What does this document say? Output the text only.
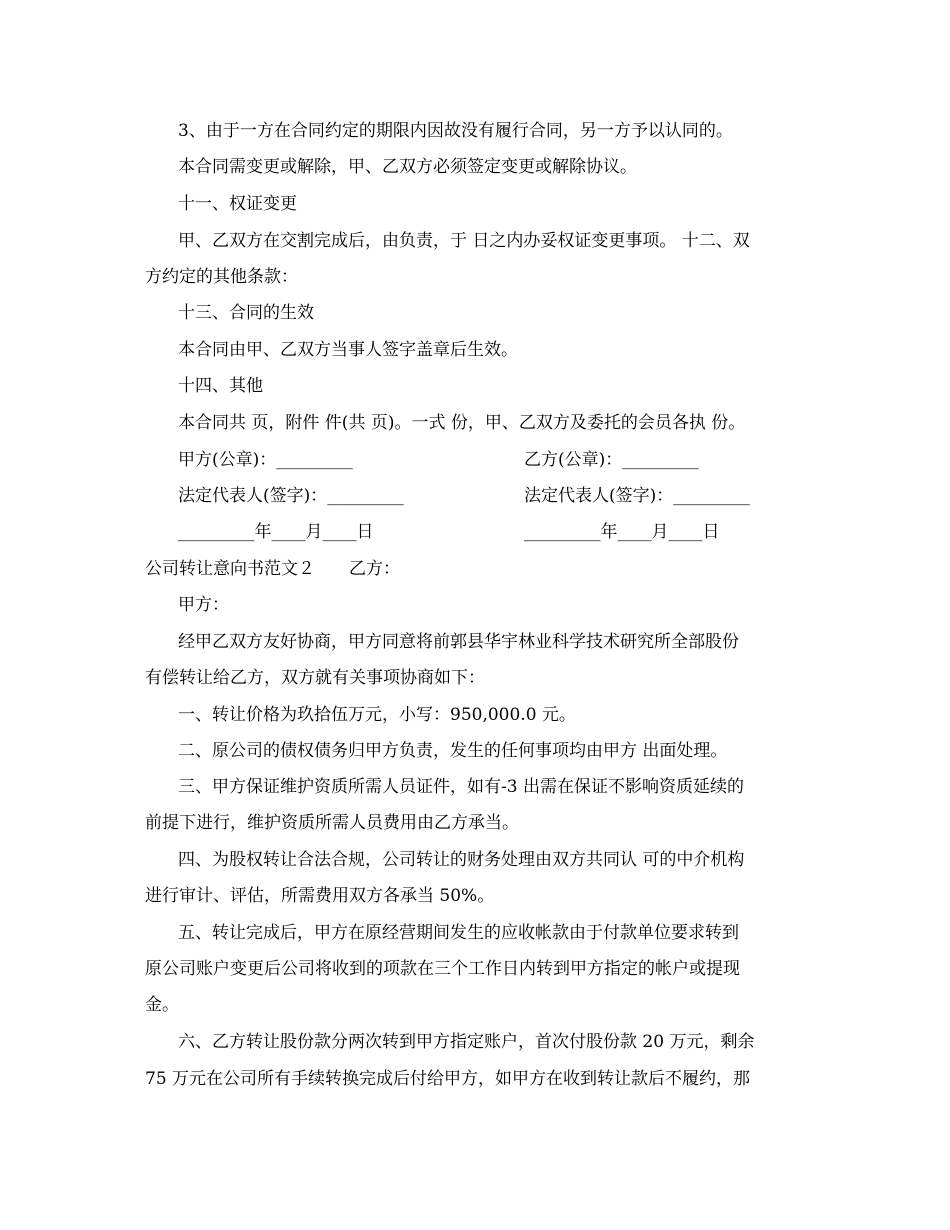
3、由于一方在合同约定的期限内因故没有履行合同，另一方予以认同的。
本合同需变更或解除，甲、乙双方必须签定变更或解除协议。
十一、权证变更
甲、乙双方在交割完成后，由负责，于 日之内办妥权证变更事项。 十二、双
方约定的其他条款：
十三、合同的生效
本合同由甲、乙双方当事人签字盖章后生效。
十四、其他
本合同共 页，附件 件(共 页)。一式 份，甲、乙双方及委托的会员各执 份。
甲方(公章)：_________	乙方(公章)：_________
法定代表人(签字)：_________	法定代表人(签字)：_________
_________年____月____日	_________年____月____日
公司转让意向书范文２　　乙方：
甲方：
经甲乙双方友好协商，甲方同意将前郭县华宇林业科学技术研究所全部股份
有偿转让给乙方，双方就有关事项协商如下：
一、转让价格为玖拾伍万元，小写：950,000.0 元。
二、原公司的债权债务归甲方负责，发生的任何事项均由甲方 出面处理。
三、甲方保证维护资质所需人员证件，如有-3 出需在保证不影响资质延续的
前提下进行，维护资质所需人员费用由乙方承当。
四、为股权转让合法合规，公司转让的财务处理由双方共同认 可的中介机构
进行审计、评估，所需费用双方各承当 50%。
五、转让完成后，甲方在原经营期间发生的应收帐款由于付款单位要求转到
原公司账户变更后公司将收到的项款在三个工作日内转到甲方指定的帐户或提现
金。
六、乙方转让股份款分两次转到甲方指定账户，首次付股份款 20 万元，剩余
75 万元在公司所有手续转换完成后付给甲方，如甲方在收到转让款后不履约，那
